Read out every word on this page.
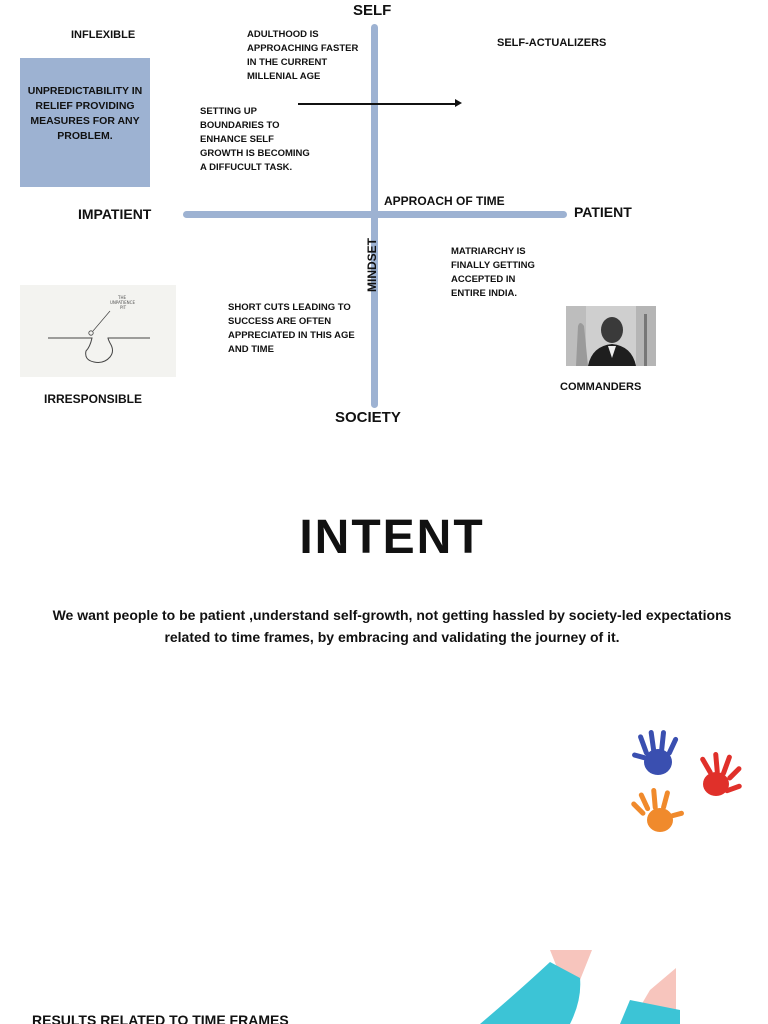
SELF
SOCIETY
IMPATIENT	PATIENT
APPROACH OF TIME
MINDSET
INFLEXIBLE
SELF-ACTUALIZERS
IRRESPONSIBLE
COMMANDERS
UNPREDICTABILITY IN RELIEF PROVIDING MEASURES FOR ANY PROBLEM.
ADULTHOOD IS
APPROACHING FASTER
IN THE CURRENT
MILLENIAL AGE
SETTING UP
BOUNDARIES TO
ENHANCE SELF
GROWTH IS BECOMING
A DIFFUCULT TASK.
SHORT CUTS LEADING TO
SUCCESS ARE OFTEN
APPRECIATED IN THIS AGE
AND TIME
MATRIARCHY IS
FINALLY GETTING
ACCEPTED IN
ENTIRE INDIA.
THE
UNPATIENCE
PIT
INTENT
We want people to be patient ,understand self-growth, not getting hassled by society-led expectations related to time frames, by embracing and validating the journey of it.
RESULTS RELATED TO TIME FRAMES
